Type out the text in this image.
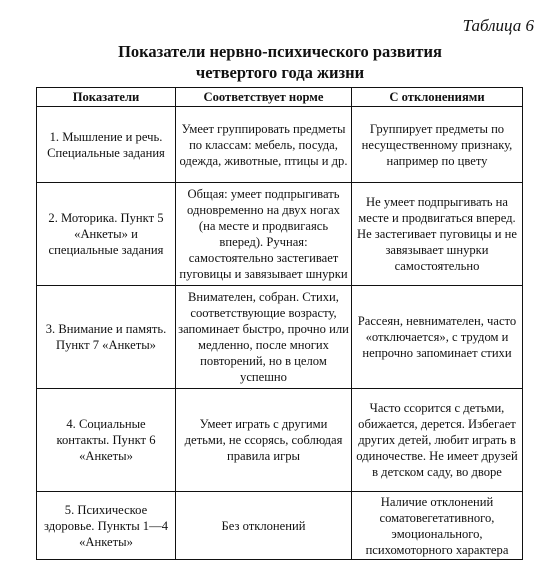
Таблица 6
Показатели нервно-психического развития
четвертого года жизни
Показатели	Соответствует норме	С отклонениями
1. Мышление и речь. Специальные задания	Умеет группировать предметы по классам: мебель, посуда, одежда, животные, птицы и др.	Группирует предметы по несущественному признаку, например по цвету
2. Моторика. Пункт 5 «Анкеты» и специальные задания	Общая: умеет подпрыгивать одновременно на двух ногах (на месте и продвигаясь вперед). Ручная: самостоятельно застегивает пуговицы и завязывает шнурки	Не умеет подпрыгивать на месте и продвигаться вперед. Не застегивает пуговицы и не завязывает шнурки самостоятельно
3. Внимание и память. Пункт 7 «Анкеты»	Внимателен, собран. Стихи, соответствующие возрасту, запоминает быстро, прочно или медленно, после многих повторений, но в целом успешно	Рассеян, невнимателен, часто «отключается», с трудом и непрочно запоминает стихи
4. Социальные контакты. Пункт 6 «Анкеты»	Умеет играть с другими детьми, не ссорясь, соблюдая правила игры	Часто ссорится с детьми, обижается, дерется. Избегает других детей, любит играть в одиночестве. Не имеет друзей в детском саду, во дворе
5. Психическое здоровье. Пункты 1—4 «Анкеты»	Без отклонений	Наличие отклонений соматовегетативного, эмоционального, психомоторного характера
